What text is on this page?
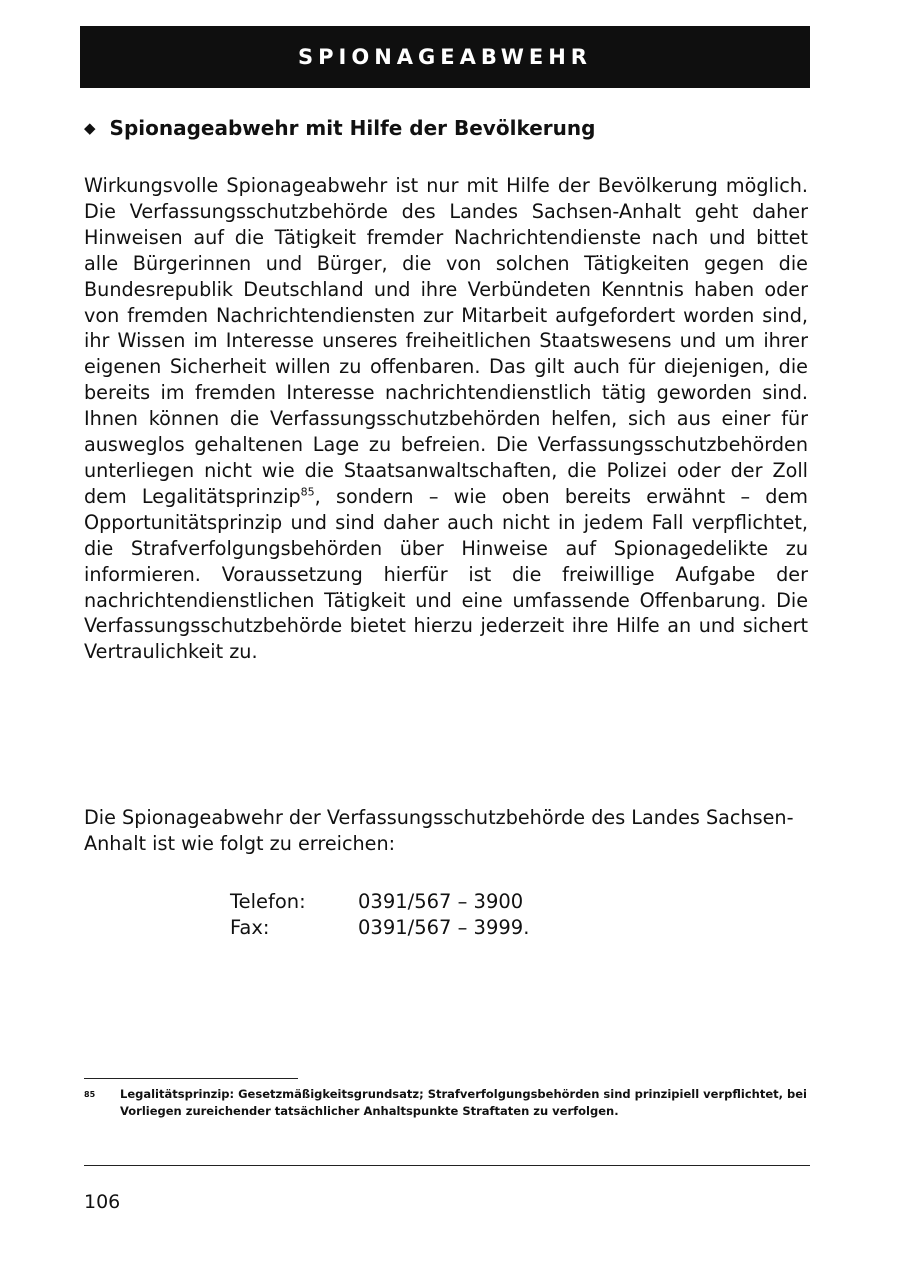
SPIONAGEABWEHR
◆ Spionageabwehr mit Hilfe der Bevölkerung

Wirkungsvolle Spionageabwehr ist nur mit Hilfe der Bevölkerung möglich. Die Verfassungsschutzbehörde des Landes Sachsen-Anhalt geht daher Hinweisen auf die Tätigkeit fremder Nachrichtendienste nach und bittet alle Bürgerinnen und Bürger, die von solchen Tätigkeiten gegen die Bundesrepublik Deutschland und ihre Verbündeten Kenntnis haben oder von fremden Nachrichtendiensten zur Mitarbeit aufgefordert worden sind, ihr Wissen im Interesse unseres freiheitlichen Staatswesens und um ihrer eigenen Sicherheit willen zu offenbaren. Das gilt auch für diejenigen, die bereits im fremden Interesse nachrichtendienstlich tätig geworden sind. Ihnen können die Verfassungsschutzbehörden helfen, sich aus einer für ausweglos gehaltenen Lage zu befreien. Die Verfassungsschutzbehörden unterliegen nicht wie die Staatsanwaltschaften, die Polizei oder der Zoll dem Legalitätsprinzip$^{85}$, sondern – wie oben bereits erwähnt – dem Opportunitätsprinzip und sind daher auch nicht in jedem Fall verpflichtet, die Strafverfolgungsbehörden über Hinweise auf Spionagedelikte zu informieren. Voraussetzung hierfür ist die freiwillige Aufgabe der nachrichtendienstlichen Tätigkeit und eine umfassende Offenbarung. Die Verfassungsschutzbehörde bietet hierzu jederzeit ihre Hilfe an und sichert Vertraulichkeit zu.

Die Spionageabwehr der Verfassungsschutzbehörde des Landes Sachsen-Anhalt ist wie folgt zu erreichen:

Telefon:	0391/567 – 3900
Fax:	0391/567 – 3999.
85	Legalitätsprinzip: Gesetzmäßigkeitsgrundsatz; Strafverfolgungsbehörden sind prinzipiell verpflichtet, bei Vorliegen zureichender tatsächlicher Anhaltspunkte Straftaten zu verfolgen.
106
